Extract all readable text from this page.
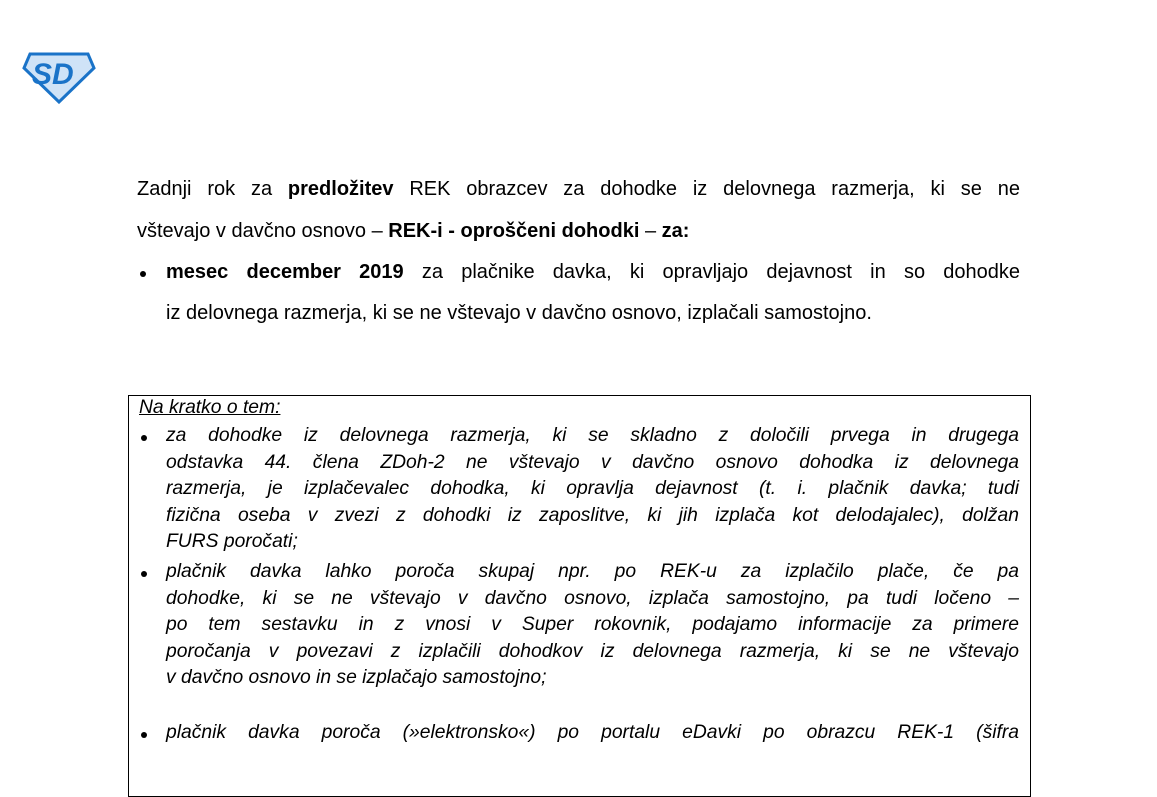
SD
Zadnji rok za predložitev REK obrazcev za dohodke iz delovnega razmerja, ki se ne
vštevajo v davčno osnovo – REK-i - oproščeni dohodki – za:
mesec december 2019 za plačnike davka, ki opravljajo dejavnost in so dohodke
iz delovnega razmerja, ki se ne vštevajo v davčno osnovo, izplačali samostojno.
Na kratko o tem:
za dohodke iz delovnega razmerja, ki se skladno z določili prvega in drugega
odstavka 44. člena ZDoh-2 ne vštevajo v davčno osnovo dohodka iz delovnega
razmerja, je izplačevalec dohodka, ki opravlja dejavnost (t. i. plačnik davka; tudi
fizična oseba v zvezi z dohodki iz zaposlitve, ki jih izplača kot delodajalec), dolžan
FURS poročati;
plačnik davka lahko poroča skupaj npr. po REK-u za izplačilo plače, če pa
dohodke, ki se ne vštevajo v davčno osnovo, izplača samostojno, pa tudi ločeno –
po tem sestavku in z vnosi v Super rokovnik, podajamo informacije za primere
poročanja v povezavi z izplačili dohodkov iz delovnega razmerja, ki se ne vštevajo
v davčno osnovo in se izplačajo samostojno;
plačnik davka poroča (»elektronsko«) po portalu eDavki po obrazcu REK-1 (šifra
